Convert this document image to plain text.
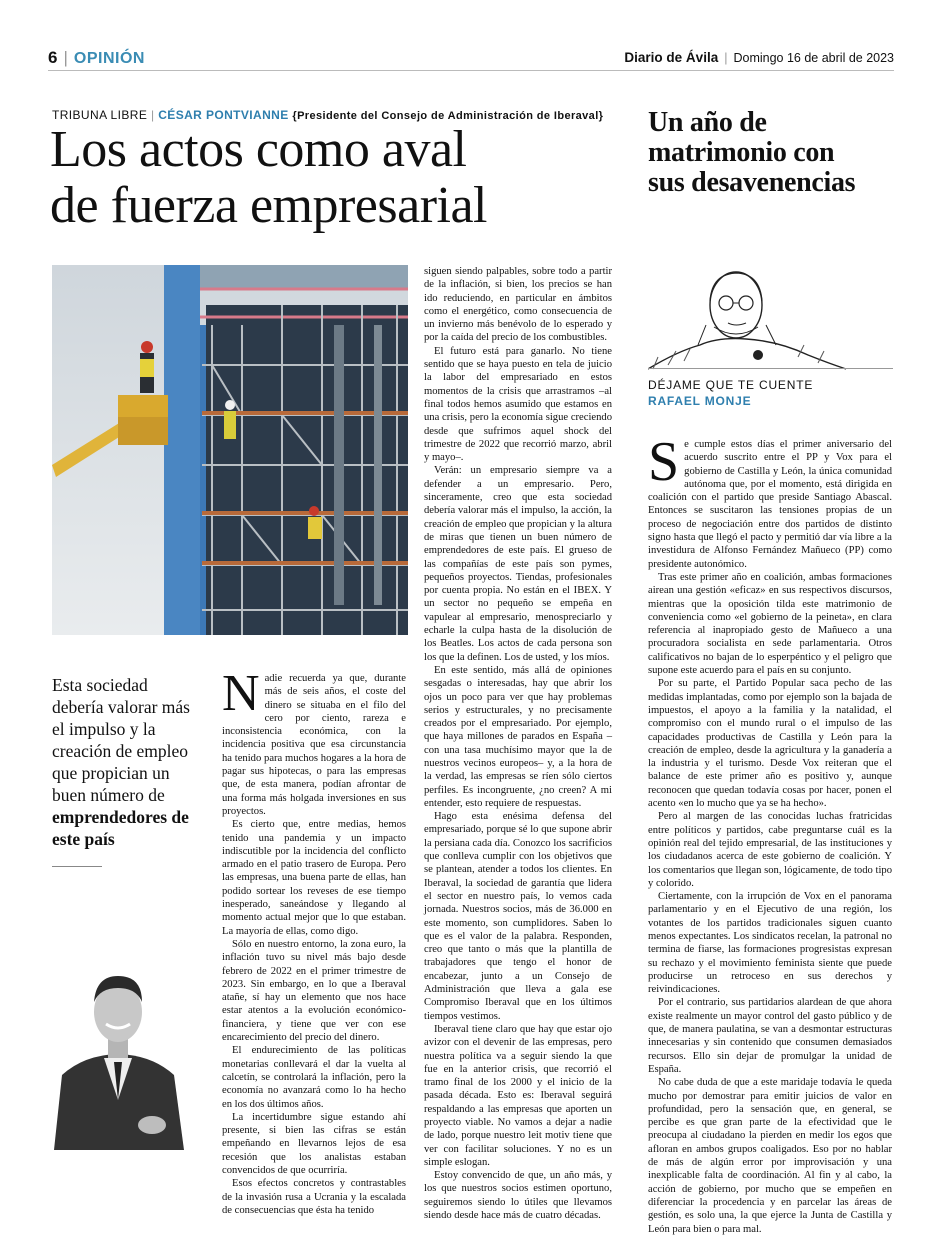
6 | OPINIÓN	Diario de Ávila | Domingo 16 de abril de 2023
TRIBUNA LIBRE | CÉSAR PONTVIANNE {Presidente del Consejo de Administración de Iberaval}
Los actos como aval
de fuerza empresarial
Esta sociedad debería valorar más el impulso y la creación de empleo que propician un buen número de emprendedores de este país

Nadie recuerda ya que, durante más de seis años, el coste del dinero se situaba en el filo del cero por ciento, rareza e inconsistencia económica, con la incidencia positiva que esa circunstancia ha tenido para muchos hogares a la hora de pagar sus hipotecas, o para las empresas que, de esta manera, podían afrontar de una forma más holgada inversiones en sus proyectos.

Es cierto que, entre medias, hemos tenido una pandemia y un impacto indiscutible por la incidencia del conflicto armado en el patio trasero de Europa. Pero las empresas, una buena parte de ellas, han podido sortear los reveses de ese tiempo inesperado, saneándose y llegando al momento actual mejor que lo que estaban. La mayoría de ellas, como digo.

Sólo en nuestro entorno, la zona euro, la inflación tuvo su nivel más bajo desde febrero de 2022 en el primer trimestre de 2023. Sin embargo, en lo que a Iberaval atañe, sí hay un elemento que nos hace estar atentos a la evolución económico-financiera, y tiene que ver con ese encarecimiento del precio del dinero.

El endurecimiento de las políticas monetarias conllevará el dar la vuelta al calcetín, se controlará la inflación, pero la economía no avanzará como lo ha hecho en los dos últimos años.

La incertidumbre sigue estando ahí presente, si bien las cifras se están empeñando en llevarnos lejos de esa recesión que los analistas estaban convencidos de que ocurriría.

Esos efectos concretos y contrastables de la invasión rusa a Ucrania y la escalada de consecuencias que ésta ha tenido

siguen siendo palpables, sobre todo a partir de la inflación, si bien, los precios se han ido reduciendo, en particular en ámbitos como el energético, como consecuencia de un invierno más benévolo de lo esperado y por la caída del precio de los combustibles.

El futuro está para ganarlo. No tiene sentido que se haya puesto en tela de juicio la labor del empresariado en estos momentos de la crisis que arrastramos –al final todos hemos asumido que estamos en una crisis, pero la economía sigue creciendo desde que sufrimos aquel shock del trimestre de 2022 que recorrió marzo, abril y mayo–.

Verán: un empresario siempre va a defender a un empresario. Pero, sinceramente, creo que esta sociedad debería valorar más el impulso, la acción, la creación de empleo que propician y la altura de miras que tienen un buen número de emprendedores de este país. El grueso de las compañías de este país son pymes, pequeños proyectos. Tiendas, profesionales por cuenta propia. No están en el IBEX. Y un sector no pequeño se empeña en vapulear al empresario, menospreciarlo y echarle la culpa hasta de la disolución de los Beatles. Los actos de cada persona son los que la definen. Los de usted, y los míos.

En este sentido, más allá de opiniones sesgadas o interesadas, hay que abrir los ojos un poco para ver que hay problemas serios y estructurales, y no precisamente creados por el empresariado. Por ejemplo, que haya millones de parados en España –con una tasa muchísimo mayor que la de nuestros vecinos europeos– y, a la hora de la verdad, las empresas se ríen sólo ciertos perfiles. Es incongruente, ¿no creen? A mi entender, esto requiere de respuestas.

Hago esta enésima defensa del empresariado, porque sé lo que supone abrir la persiana cada día. Conozco los sacrificios que conlleva cumplir con los objetivos que se plantean, atender a todos los clientes. En Iberaval, la sociedad de garantía que lidera el sector en nuestro país, lo vemos cada jornada. Nuestros socios, más de 36.000 en este momento, son cumplidores. Saben lo que es el valor de la palabra. Responden, creo que tanto o más que la plantilla de trabajadores que tengo el honor de encabezar, junto a un Consejo de Administración que lleva a gala ese Compromiso Iberaval que en los últimos tiempos vestimos.

Iberaval tiene claro que hay que estar ojo avizor con el devenir de las empresas, pero nuestra política va a seguir siendo la que fue en la anterior crisis, que recorrió el tramo final de los 2000 y el inicio de la pasada década. Esto es: Iberaval seguirá respaldando a las empresas que aporten un proyecto viable. No vamos a dejar a nadie de lado, porque nuestro leit motiv tiene que ver con facilitar soluciones. Y no es un simple eslogan.

Estoy convencido de que, un año más, y los que nuestros socios estimen oportuno, seguiremos siendo lo útiles que llevamos siendo desde hace más de cuatro décadas.

Un año de
matrimonio con
sus desavenencias
DÉJAME QUE TE CUENTE
RAFAEL MONJE

Se cumple estos días el primer aniversario del acuerdo suscrito entre el PP y Vox para el gobierno de Castilla y León, la única comunidad autónoma que, por el momento, está dirigida en coalición con el partido que preside Santiago Abascal. Entonces se suscitaron las tensiones propias de un proceso de negociación entre dos partidos de distinto signo hasta que llegó el pacto y permitió dar vía libre a la investidura de Alfonso Fernández Mañueco (PP) como presidente autonómico.

Tras este primer año en coalición, ambas formaciones airean una gestión «eficaz» en sus respectivos discursos, mientras que la oposición tilda este matrimonio de conveniencia como «el gobierno de la peineta», en clara referencia al inapropiado gesto de Mañueco a una procuradora socialista en sede parlamentaria. Otros calificativos no bajan de lo esperpéntico y el peligro que supone este acuerdo para el país en su conjunto.

Por su parte, el Partido Popular saca pecho de las medidas implantadas, como por ejemplo son la bajada de impuestos, el apoyo a la familia y la natalidad, el compromiso con el mundo rural o el impulso de las capacidades productivas de Castilla y León para la creación de empleo, desde la agricultura y la ganadería a la industria y el turismo. Desde Vox reiteran que el balance de este primer año es positivo y, aunque reconocen que quedan todavía cosas por hacer, ponen el acento «en lo mucho que ya se ha hecho».

Pero al margen de las conocidas luchas fratricidas entre políticos y partidos, cabe preguntarse cuál es la opinión real del tejido empresarial, de las instituciones y los ciudadanos acerca de este gobierno de coalición. Y los comentarios que llegan son, lógicamente, de todo tipo y colorido.

Ciertamente, con la irrupción de Vox en el panorama parlamentario y en el Ejecutivo de una región, los votantes de los partidos tradicionales siguen cuanto menos expectantes. Los sindicatos recelan, la patronal no termina de fiarse, las formaciones progresistas expresan su rechazo y el movimiento feminista siente que puede producirse un retroceso en sus derechos y reivindicaciones.

Por el contrario, sus partidarios alardean de que ahora existe realmente un mayor control del gasto público y de que, de manera paulatina, se van a desmontar estructuras innecesarias y sin contenido que consumen demasiados recursos. Ello sin dejar de promulgar la unidad de España.

No cabe duda de que a este maridaje todavía le queda mucho por demostrar para emitir juicios de valor en profundidad, pero la sensación que, en general, se percibe es que gran parte de la efectividad que le preocupa al ciudadano la pierden en medir los egos que afloran en ambos grupos coaligados. Eso por no hablar de más de algún error por improvisación y una inexplicable falta de coordinación. Al fin y al cabo, la acción de gobierno, por mucho que se empeñen en diferenciar la procedencia y en parcelar las áreas de gestión, es solo una, la que ejerce la Junta de Castilla y León para bien o para mal.
